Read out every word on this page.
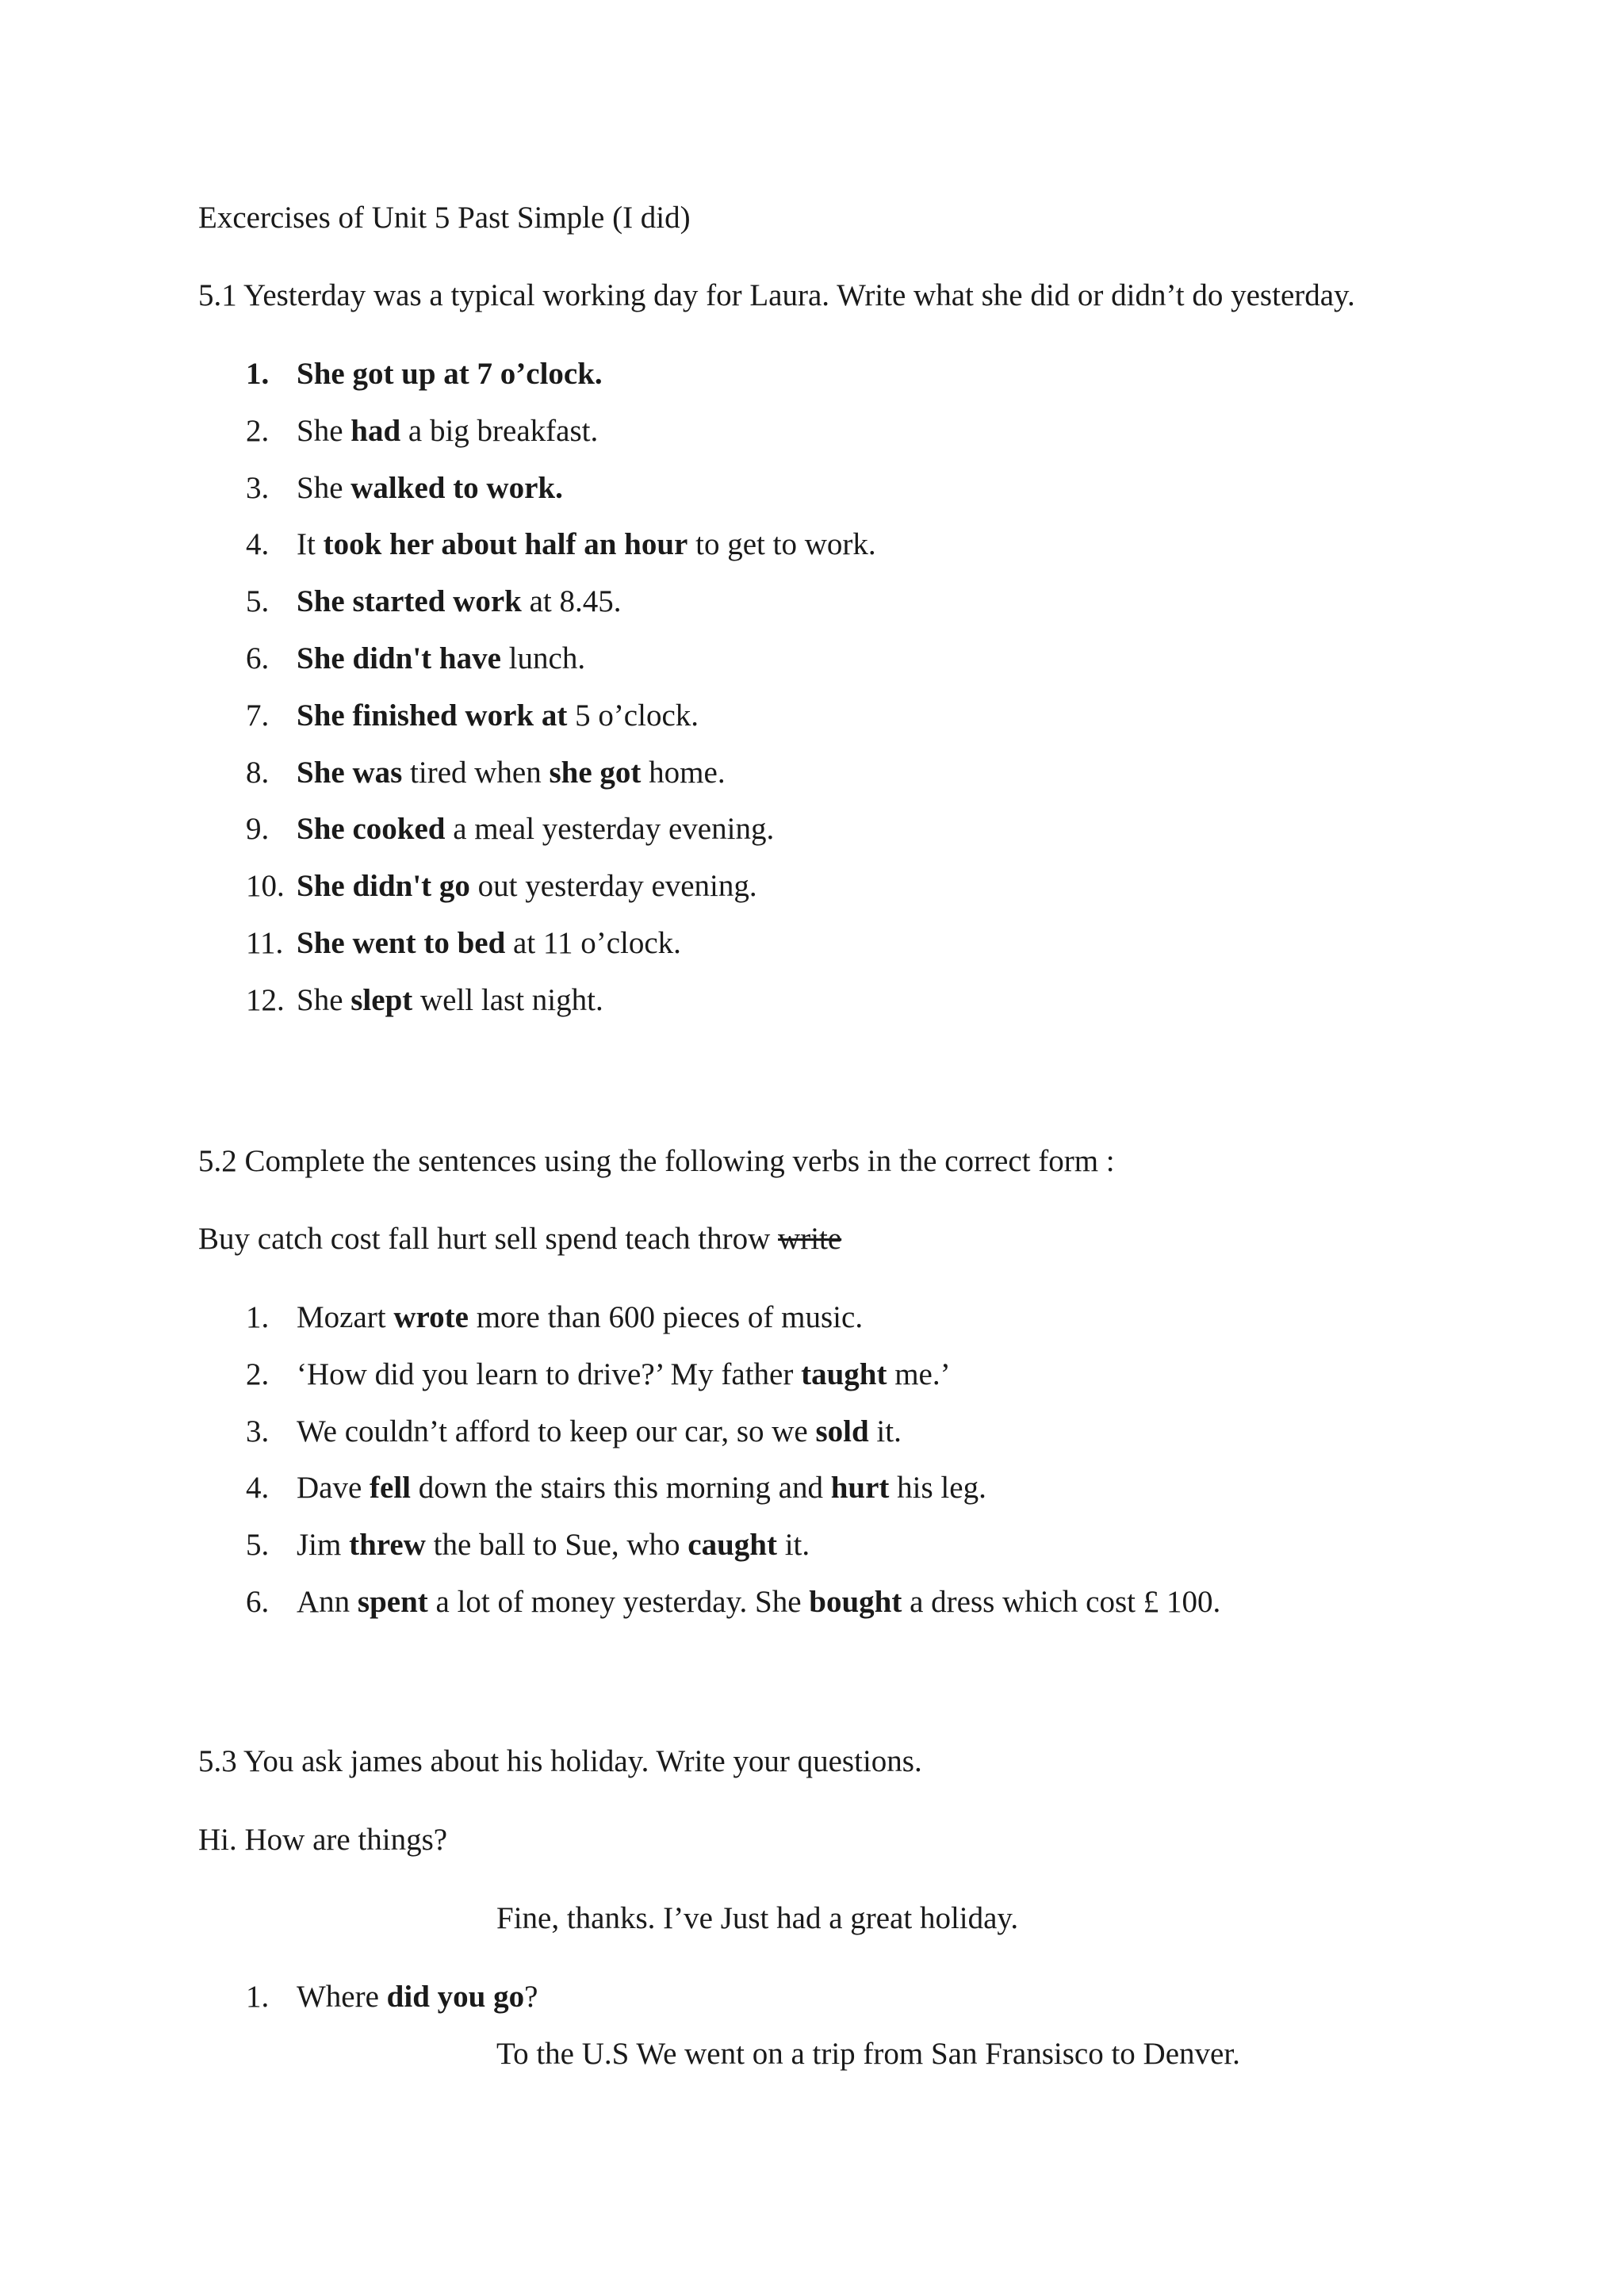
Excercises of Unit 5 Past Simple (I did)
5.1 Yesterday was a typical working day for Laura. Write what she did or didn’t do yesterday.
1. She got up at 7 o’clock.
2. She had a big breakfast.
3. She walked to work.
4. It took her about half an hour to get to work.
5. She started work at 8.45.
6. She didn't have lunch.
7. She finished work at 5 o’clock.
8. She was tired when she got home.
9. She cooked a meal yesterday evening.
10. She didn't go out yesterday evening.
11. She went to bed at 11 o’clock.
12. She slept well last night.
5.2 Complete the sentences using the following verbs in the correct form :
Buy catch cost fall hurt sell spend teach throw write
1. Mozart wrote more than 600 pieces of music.
2. ‘How did you learn to drive?’ My father taught me.’
3. We couldn’t afford to keep our car, so we sold it.
4. Dave fell down the stairs this morning and hurt his leg.
5. Jim threw the ball to Sue, who caught it.
6. Ann spent a lot of money yesterday. She bought a dress which cost £ 100.
5.3 You ask james about his holiday. Write your questions.
Hi. How are things?
Fine, thanks. I’ve Just had a great holiday.
1. Where did you go?
To the U.S We went on a trip from San Fransisco to Denver.
